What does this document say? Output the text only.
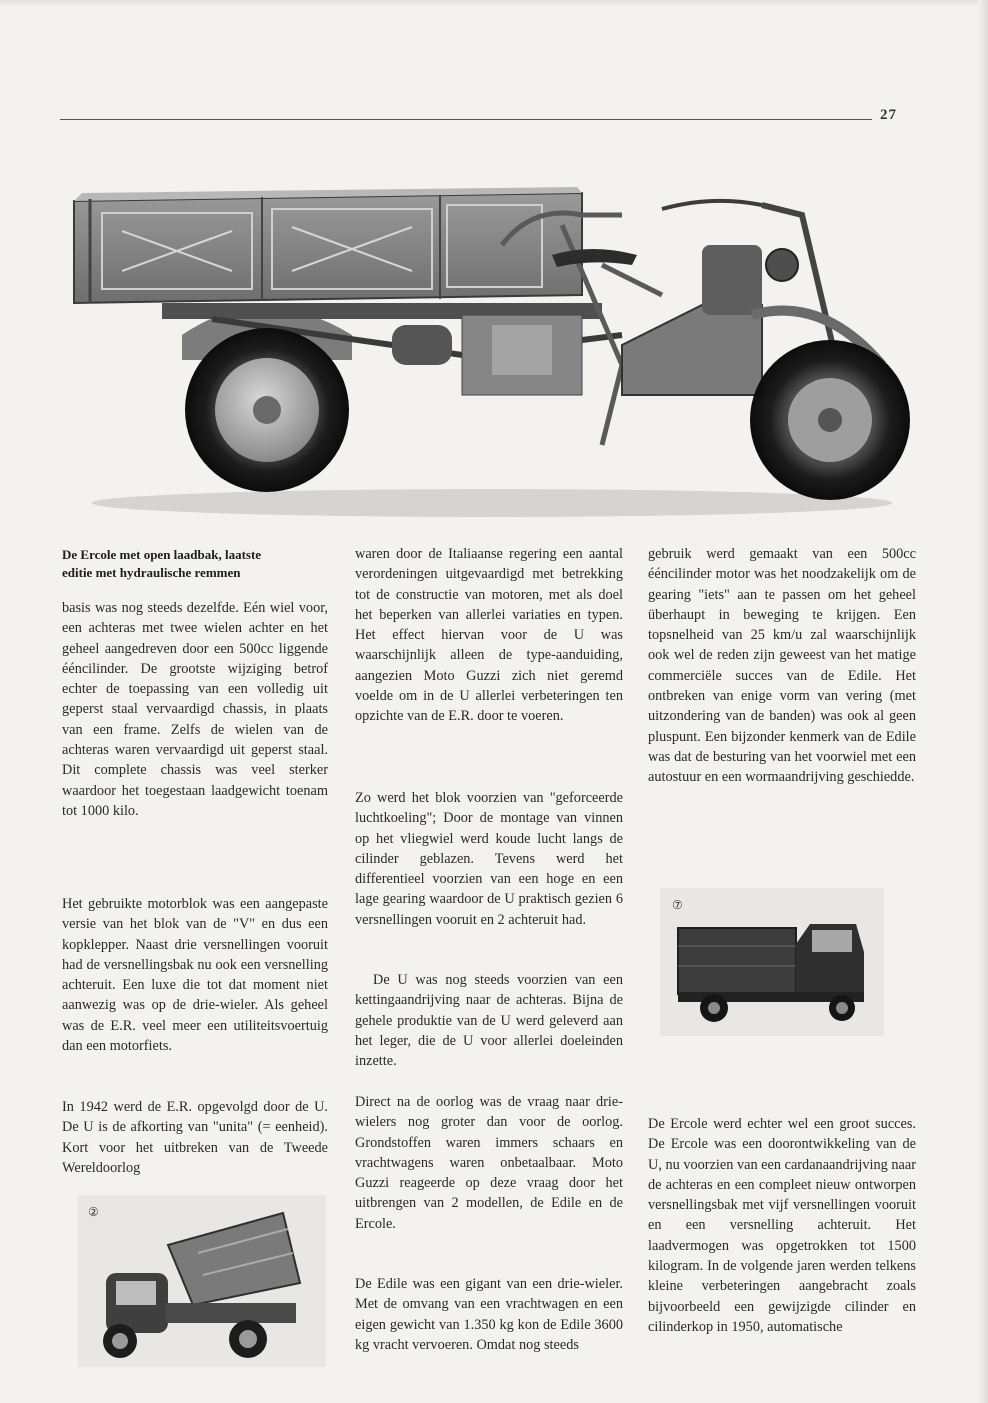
27
De Ercole met open laadbak, laatste
editie met hydraulische remmen

basis was nog steeds dezelfde. Eén wiel voor, een achteras met twee wielen achter en het geheel aangedreven door een 500cc liggende ééncilinder. De grootste wijziging betrof echter de toepassing van een volledig uit geperst staal vervaardigd chassis, in plaats van een frame. Zelfs de wielen van de achteras waren vervaardigd uit geperst staal. Dit complete chassis was veel sterker waardoor het toegestaan laadgewicht toenam tot 1000 kilo.

Het gebruikte motorblok was een aangepaste versie van het blok van de "V" en dus een kopklepper. Naast drie versnellingen vooruit had de versnellingsbak nu ook een versnelling achteruit. Een luxe die tot dat moment niet aanwezig was op de drie-wieler. Als geheel was de E.R. veel meer een utiliteitsvoertuig dan een motorfiets.

In 1942 werd de E.R. opgevolgd door de U. De U is de afkorting van "unita" (= eenheid). Kort voor het uitbreken van de Tweede Wereldoorlog

②

waren door de Italiaanse regering een aantal verordeningen uitgevaardigd met betrekking tot de constructie van motoren, met als doel het beperken van allerlei variaties en typen. Het effect hiervan voor de U was waarschijnlijk alleen de type-aanduiding, aangezien Moto Guzzi zich niet geremd voelde om in de U allerlei verbeteringen ten opzichte van de E.R. door te voeren.

Zo werd het blok voorzien van "geforceerde luchtkoeling"; Door de montage van vinnen op het vliegwiel werd koude lucht langs de cilinder geblazen. Tevens werd het differentieel voorzien van een hoge en een lage gearing waardoor de U praktisch gezien 6 versnellingen vooruit en 2 achteruit had.

De U was nog steeds voorzien van een kettingaandrijving naar de achteras. Bijna de gehele produktie van de U werd geleverd aan het leger, die de U voor allerlei doeleinden inzette.

Direct na de oorlog was de vraag naar drie-wielers nog groter dan voor de oorlog. Grondstoffen waren immers schaars en vrachtwagens waren onbetaalbaar. Moto Guzzi reageerde op deze vraag door het uitbrengen van 2 modellen, de Edile en de Ercole.

De Edile was een gigant van een drie-wieler. Met de omvang van een vrachtwagen en een eigen gewicht van 1.350 kg kon de Edile 3600 kg vracht vervoeren. Omdat nog steeds

gebruik werd gemaakt van een 500cc ééncilinder motor was het noodzakelijk om de gearing "iets" aan te passen om het geheel überhaupt in beweging te krijgen. Een topsnelheid van 25 km/u zal waarschijnlijk ook wel de reden zijn geweest van het matige commerciële succes van de Edile. Het ontbreken van enige vorm van vering (met uitzondering van de banden) was ook al geen pluspunt. Een bijzonder kenmerk van de Edile was dat de besturing van het voorwiel met een autostuur en een wormaandrijving geschiedde.

⑦

De Ercole werd echter wel een groot succes. De Ercole was een doorontwikkeling van de U, nu voorzien van een cardanaandrijving naar de achteras en een compleet nieuw ontworpen versnellingsbak met vijf versnellingen vooruit en een versnelling achteruit. Het laadvermogen was opgetrokken tot 1500 kilogram. In de volgende jaren werden telkens kleine verbeteringen aangebracht zoals bijvoorbeeld een gewijzigde cilinder en cilinderkop in 1950, automatische
